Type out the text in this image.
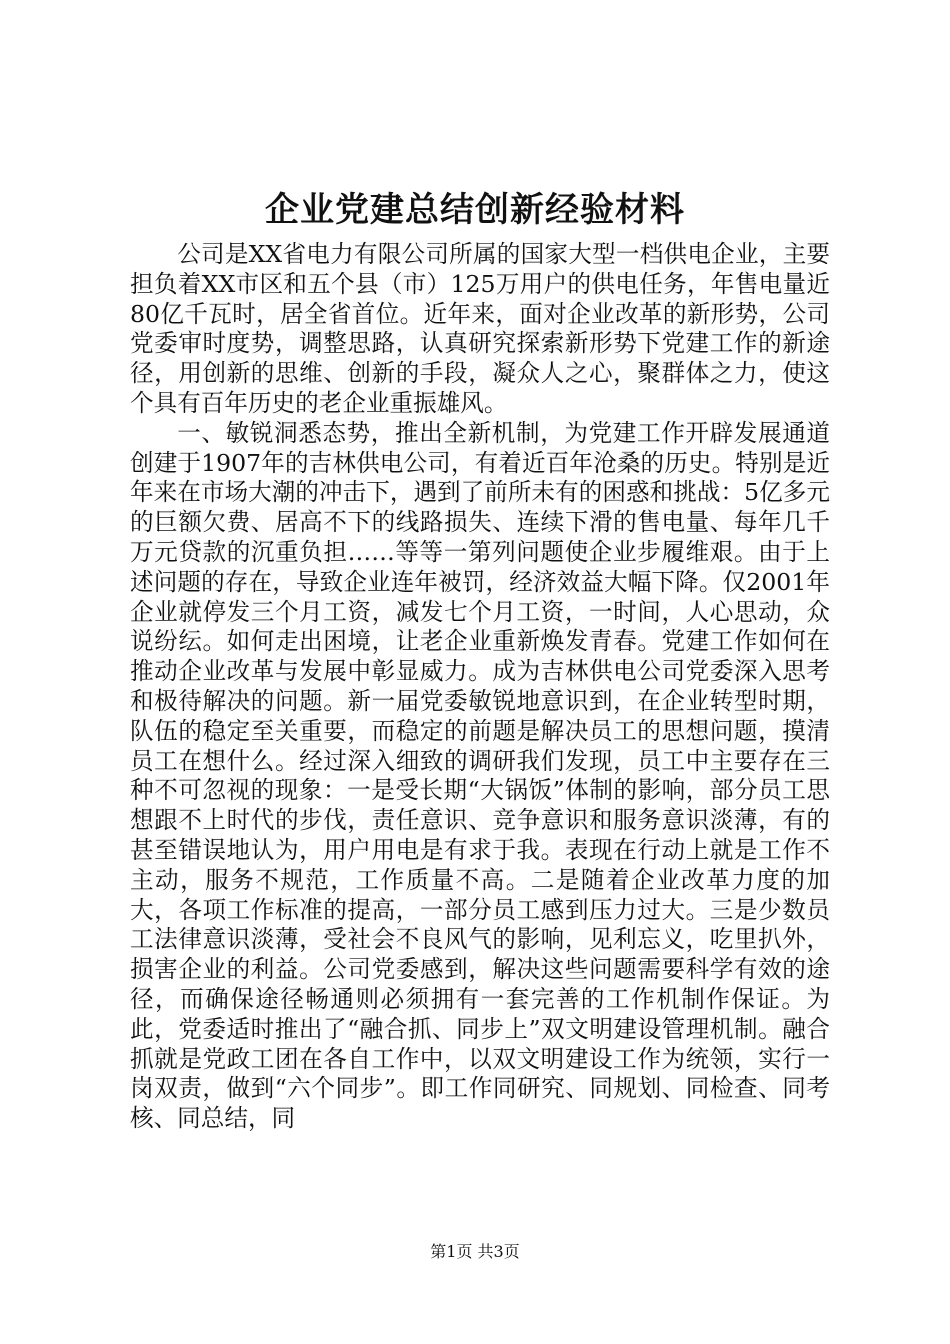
企业党建总结创新经验材料

公司是XX省电力有限公司所属的国家大型一档供电企业，主要担负着XX市区和五个县（市）125万用户的供电任务，年售电量近80亿千瓦时，居全省首位。近年来，面对企业改革的新形势，公司党委审时度势，调整思路，认真研究探索新形势下党建工作的新途径，用创新的思维、创新的手段，凝众人之心，聚群体之力，使这个具有百年历史的老企业重振雄风。

一、敏锐洞悉态势，推出全新机制，为党建工作开辟发展通道创建于1907年的吉林供电公司，有着近百年沧桑的历史。特别是近年来在市场大潮的冲击下，遇到了前所未有的困惑和挑战：5亿多元的巨额欠费、居高不下的线路损失、连续下滑的售电量、每年几千万元贷款的沉重负担……等等一第列问题使企业步履维艰。由于上述问题的存在，导致企业连年被罚，经济效益大幅下降。仅2001年企业就停发三个月工资，减发七个月工资，一时间，人心思动，众说纷纭。如何走出困境，让老企业重新焕发青春。党建工作如何在推动企业改革与发展中彰显威力。成为吉林供电公司党委深入思考和极待解决的问题。新一届党委敏锐地意识到，在企业转型时期，队伍的稳定至关重要，而稳定的前题是解决员工的思想问题，摸清员工在想什么。经过深入细致的调研我们发现，员工中主要存在三种不可忽视的现象：一是受长期“大锅饭”体制的影响，部分员工思想跟不上时代的步伐，责任意识、竞争意识和服务意识淡薄，有的甚至错误地认为，用户用电是有求于我。表现在行动上就是工作不主动，服务不规范，工作质量不高。二是随着企业改革力度的加大，各项工作标准的提高，一部分员工感到压力过大。三是少数员工法律意识淡薄，受社会不良风气的影响，见利忘义，吃里扒外，损害企业的利益。公司党委感到，解决这些问题需要科学有效的途径，而确保途径畅通则必须拥有一套完善的工作机制作保证。为此，党委适时推出了“融合抓、同步上”双文明建设管理机制。融合抓就是党政工团在各自工作中，以双文明建设工作为统领，实行一岗双责，做到“六个同步”。即工作同研究、同规划、同检查、同考核、同总结，同

第1页 共3页
